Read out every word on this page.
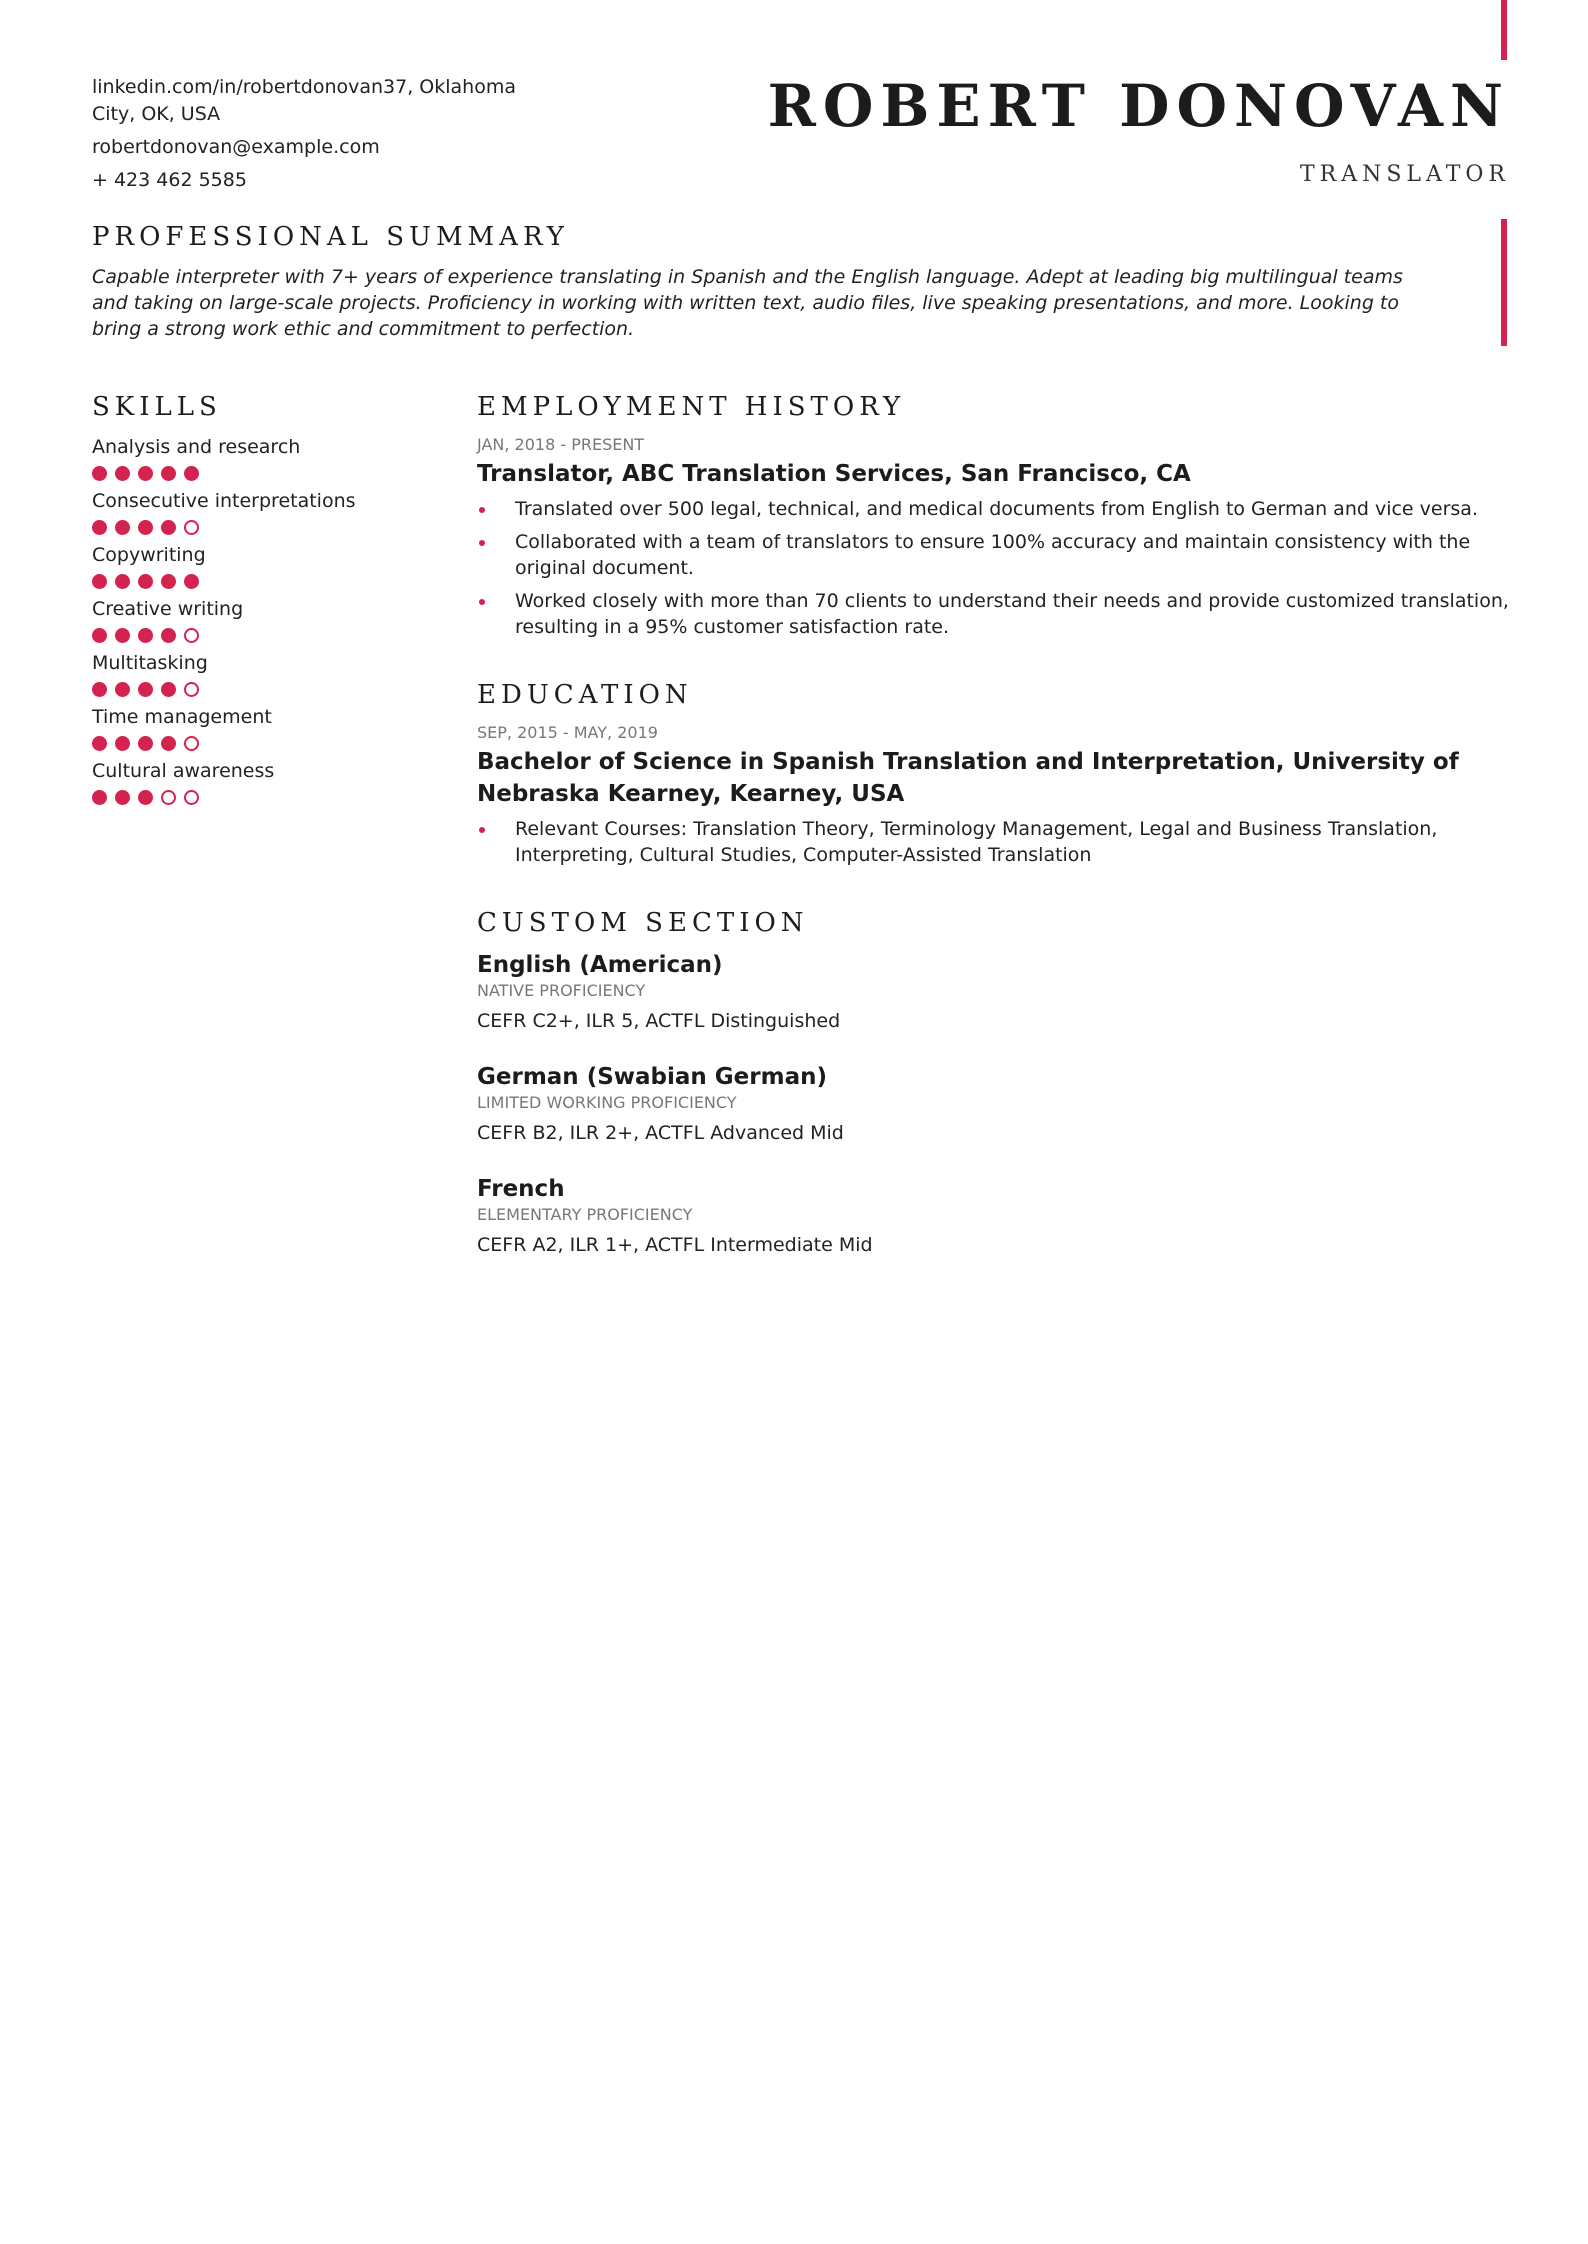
linkedin.com/in/robertdonovan37, Oklahoma City, OK, USA
robertdonovan@example.com
+ 423 462 5585
ROBERT DONOVAN
TRANSLATOR
PROFESSIONAL SUMMARY

Capable interpreter with 7+ years of experience translating in Spanish and the English language. Adept at leading big multilingual teams and taking on large-scale projects. Proficiency in working with written text, audio files, live speaking presentations, and more. Looking to bring a strong work ethic and commitment to perfection.

SKILLS
Analysis and research
Consecutive interpretations
Copywriting
Creative writing
Multitasking
Time management
Cultural awareness
EMPLOYMENT HISTORY
JAN, 2018 - PRESENT
Translator, ABC Translation Services, San Francisco, CA
Translated over 500 legal, technical, and medical documents from English to German and vice versa.
Collaborated with a team of translators to ensure 100% accuracy and maintain consistency with the original document.
Worked closely with more than 70 clients to understand their needs and provide customized translation, resulting in a 95% customer satisfaction rate.
EDUCATION
SEP, 2015 - MAY, 2019
Bachelor of Science in Spanish Translation and Interpretation, University of Nebraska Kearney, Kearney, USA
Relevant Courses: Translation Theory, Terminology Management, Legal and Business Translation, Interpreting, Cultural Studies, Computer-Assisted Translation
CUSTOM SECTION
English (American)
NATIVE PROFICIENCY
CEFR C2+, ILR 5, ACTFL Distinguished
German (Swabian German)
LIMITED WORKING PROFICIENCY
CEFR B2, ILR 2+, ACTFL Advanced Mid
French
ELEMENTARY PROFICIENCY
CEFR A2, ILR 1+, ACTFL Intermediate Mid
